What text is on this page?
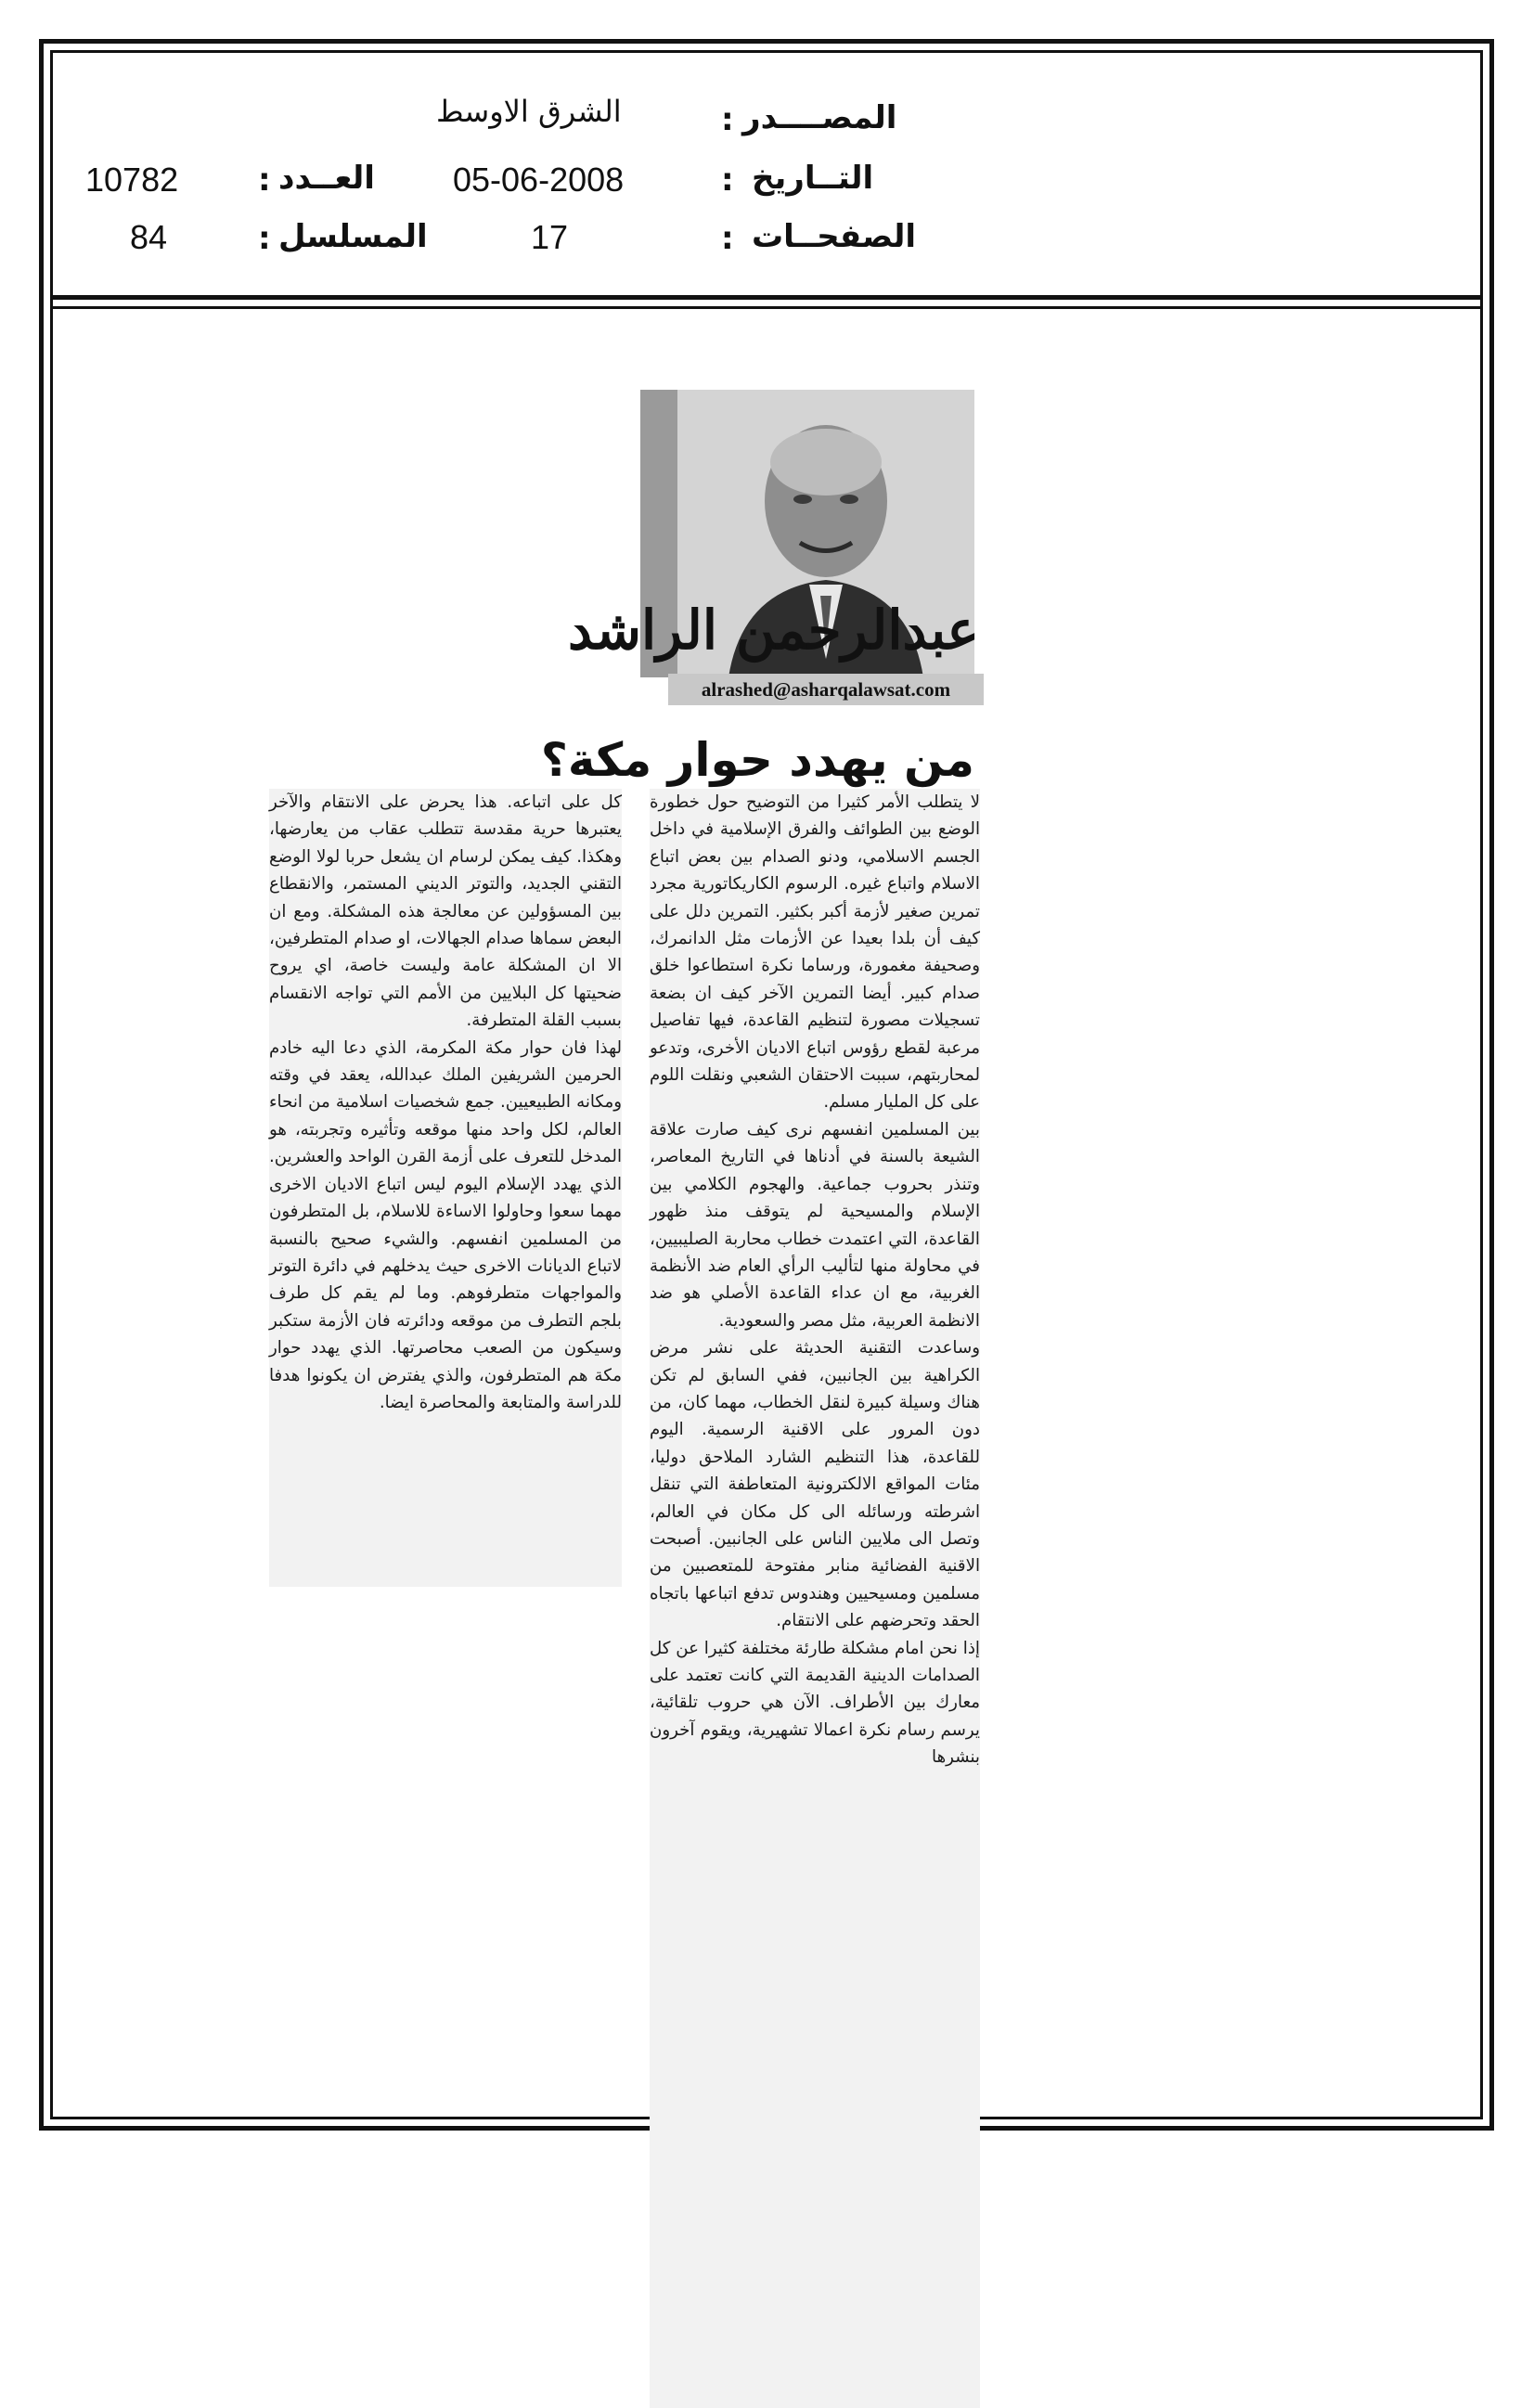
المصــــدر
:
الشرق الاوسط
التــاريخ
:
05-06-2008
العــدد
:
10782
الصفحــات
:
17
المسلسل
:
84
عبدالرحمن الراشد
alrashed@asharqalawsat.com
من يهدد حوار مكة؟

لا يتطلب الأمر كثيرا من التوضيح حول خطورة الوضع بين الطوائف والفرق الإسلامية في داخل الجسم الاسلامي، ودنو الصدام بين بعض اتباع الاسلام واتباع غيره. الرسوم الكاريكاتورية مجرد تمرين صغير لأزمة أكبر بكثير. التمرين دلل على كيف أن بلدا بعيدا عن الأزمات مثل الدانمرك، وصحيفة مغمورة، ورساما نكرة استطاعوا خلق صدام كبير. أيضا التمرين الآخر كيف ان بضعة تسجيلات مصورة لتنظيم القاعدة، فيها تفاصيل مرعبة لقطع رؤوس اتباع الاديان الأخرى، وتدعو لمحاربتهم، سببت الاحتقان الشعبي ونقلت اللوم على كل المليار مسلم.

بين المسلمين انفسهم نرى كيف صارت علاقة الشيعة بالسنة في أدناها في التاريخ المعاصر، وتنذر بحروب جماعية. والهجوم الكلامي بين الإسلام والمسيحية لم يتوقف منذ ظهور القاعدة، التي اعتمدت خطاب محاربة الصليبيين، في محاولة منها لتأليب الرأي العام ضد الأنظمة الغربية، مع ان عداء القاعدة الأصلي هو ضد الانظمة العربية، مثل مصر والسعودية.

وساعدت التقنية الحديثة على نشر مرض الكراهية بين الجانبين، ففي السابق لم تكن هناك وسيلة كبيرة لنقل الخطاب، مهما كان، من دون المرور على الاقنية الرسمية. اليوم للقاعدة، هذا التنظيم الشارد الملاحق دوليا، مئات المواقع الالكترونية المتعاطفة التي تنقل اشرطته ورسائله الى كل مكان في العالم، وتصل الى ملايين الناس على الجانبين. أصبحت الاقنية الفضائية منابر مفتوحة للمتعصبين من مسلمين ومسيحيين وهندوس تدفع اتباعها باتجاه الحقد وتحرضهم على الانتقام.

إذا نحن امام مشكلة طارئة مختلفة كثيرا عن كل الصدامات الدينية القديمة التي كانت تعتمد على معارك بين الأطراف. الآن هي حروب تلقائية، يرسم رسام نكرة اعمالا تشهيرية، ويقوم آخرون بنشرها

كل على اتباعه. هذا يحرض على الانتقام والآخر يعتبرها حرية مقدسة تتطلب عقاب من يعارضها، وهكذا. كيف يمكن لرسام ان يشعل حربا لولا الوضع التقني الجديد، والتوتر الديني المستمر، والانقطاع بين المسؤولين عن معالجة هذه المشكلة. ومع ان البعض سماها صدام الجهالات، او صدام المتطرفين، الا ان المشكلة عامة وليست خاصة، اي يروح ضحيتها كل البلايين من الأمم التي تواجه الانقسام بسبب القلة المتطرفة.

لهذا فان حوار مكة المكرمة، الذي دعا اليه خادم الحرمين الشريفين الملك عبدالله، يعقد في وقته ومكانه الطبيعيين. جمع شخصيات اسلامية من انحاء العالم، لكل واحد منها موقعه وتأثيره وتجربته، هو المدخل للتعرف على أزمة القرن الواحد والعشرين. الذي يهدد الإسلام اليوم ليس اتباع الاديان الاخرى مهما سعوا وحاولوا الاساءة للاسلام، بل المتطرفون من المسلمين انفسهم. والشيء صحيح بالنسبة لاتباع الديانات الاخرى حيث يدخلهم في دائرة التوتر والمواجهات متطرفوهم. وما لم يقم كل طرف بلجم التطرف من موقعه ودائرته فان الأزمة ستكبر وسيكون من الصعب محاصرتها. الذي يهدد حوار مكة هم المتطرفون، والذي يفترض ان يكونوا هدفا للدراسة والمتابعة والمحاصرة ايضا.
